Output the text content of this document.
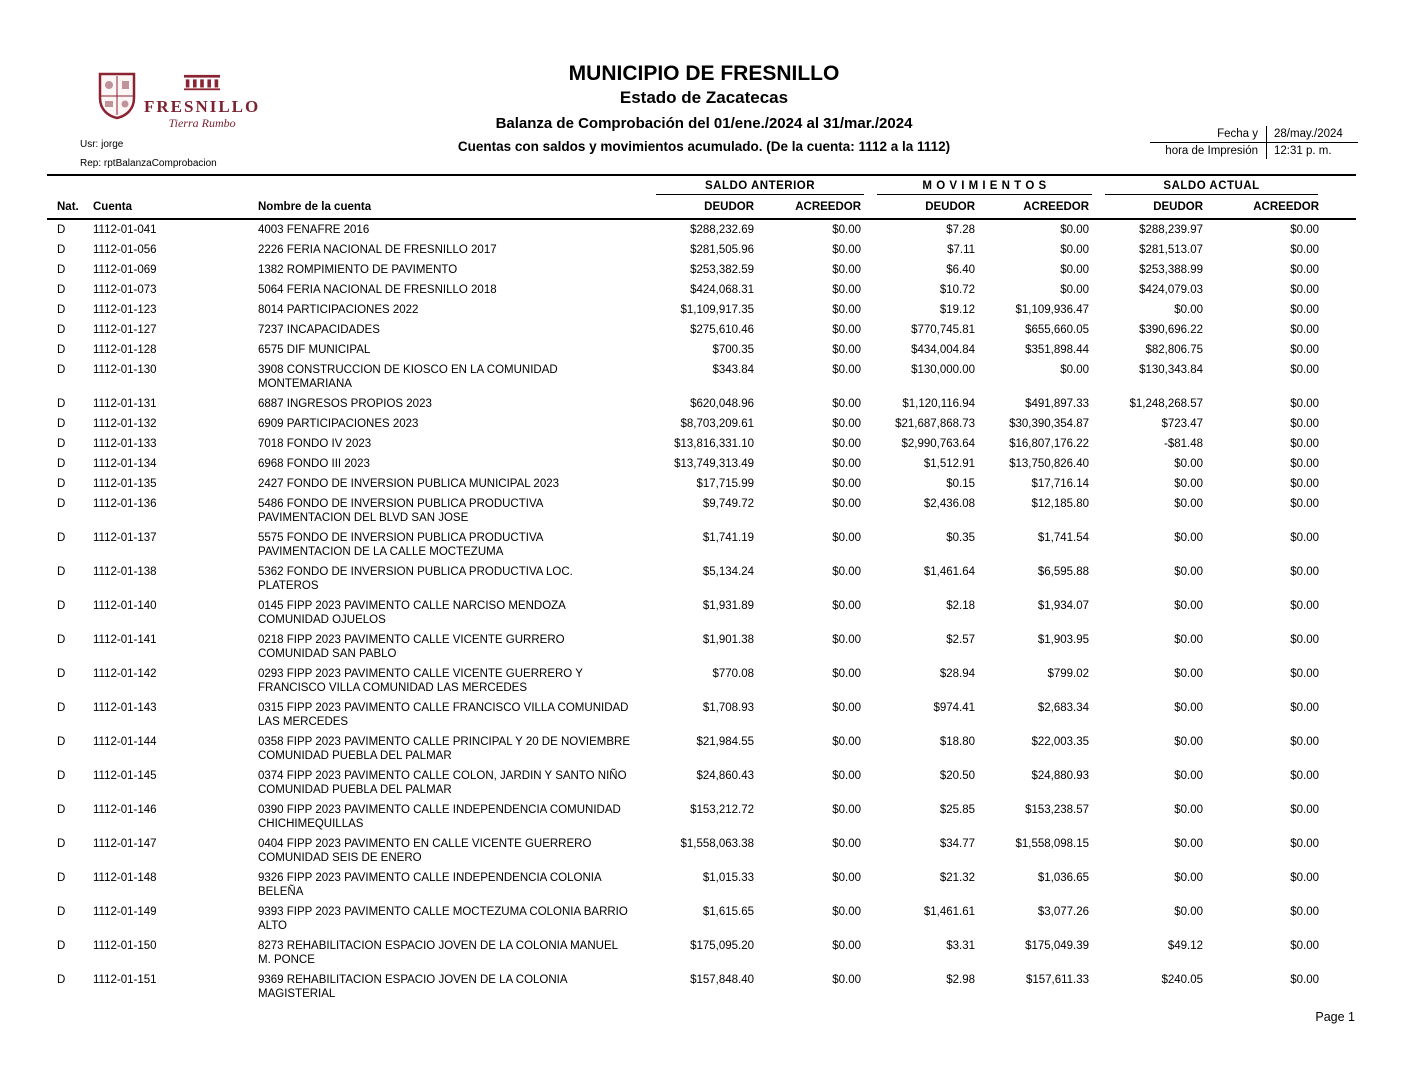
FRESNILLO
Tierra Rumbo
MUNICIPIO DE FRESNILLO
Estado de Zacatecas
Balanza de Comprobación del 01/ene./2024 al 31/mar./2024
Cuentas con saldos y movimientos acumulado. (De la cuenta: 1112 a la 1112)
Usr: jorge
Rep: rptBalanzaComprobacion
Fecha y	28/may./2024
hora de Impresión	12:31 p. m.

			SALDO ANTERIOR		M O V I M I E N T O S		SALDO ACTUAL	

Nat.	Cuenta	Nombre de la cuenta	DEUDOR	ACREEDOR	DEUDOR	ACREEDOR	DEUDOR	ACREEDOR
D	1112-01-041	4003 FENAFRE 2016	$288,232.69	$0.00	$7.28	$0.00	$288,239.97	$0.00
D	1112-01-056	2226 FERIA NACIONAL DE FRESNILLO 2017	$281,505.96	$0.00	$7.11	$0.00	$281,513.07	$0.00
D	1112-01-069	1382 ROMPIMIENTO DE PAVIMENTO	$253,382.59	$0.00	$6.40	$0.00	$253,388.99	$0.00
D	1112-01-073	5064 FERIA NACIONAL DE FRESNILLO 2018	$424,068.31	$0.00	$10.72	$0.00	$424,079.03	$0.00
D	1112-01-123	8014 PARTICIPACIONES 2022	$1,109,917.35	$0.00	$19.12	$1,109,936.47	$0.00	$0.00
D	1112-01-127	7237 INCAPACIDADES	$275,610.46	$0.00	$770,745.81	$655,660.05	$390,696.22	$0.00
D	1112-01-128	6575 DIF MUNICIPAL	$700.35	$0.00	$434,004.84	$351,898.44	$82,806.75	$0.00
D	1112-01-130	3908 CONSTRUCCION DE KIOSCO EN LA COMUNIDAD MONTEMARIANA	$343.84	$0.00	$130,000.00	$0.00	$130,343.84	$0.00
D	1112-01-131	6887 INGRESOS PROPIOS 2023	$620,048.96	$0.00	$1,120,116.94	$491,897.33	$1,248,268.57	$0.00
D	1112-01-132	6909 PARTICIPACIONES 2023	$8,703,209.61	$0.00	$21,687,868.73	$30,390,354.87	$723.47	$0.00
D	1112-01-133	7018 FONDO IV 2023	$13,816,331.10	$0.00	$2,990,763.64	$16,807,176.22	-$81.48	$0.00
D	1112-01-134	6968 FONDO III 2023	$13,749,313.49	$0.00	$1,512.91	$13,750,826.40	$0.00	$0.00
D	1112-01-135	2427 FONDO DE INVERSION PUBLICA MUNICIPAL 2023	$17,715.99	$0.00	$0.15	$17,716.14	$0.00	$0.00
D	1112-01-136	5486 FONDO DE INVERSION PUBLICA PRODUCTIVA PAVIMENTACION DEL BLVD SAN JOSE	$9,749.72	$0.00	$2,436.08	$12,185.80	$0.00	$0.00
D	1112-01-137	5575 FONDO DE INVERSION PUBLICA PRODUCTIVA PAVIMENTACION DE LA CALLE MOCTEZUMA	$1,741.19	$0.00	$0.35	$1,741.54	$0.00	$0.00
D	1112-01-138	5362 FONDO DE INVERSION PUBLICA PRODUCTIVA LOC. PLATEROS	$5,134.24	$0.00	$1,461.64	$6,595.88	$0.00	$0.00
D	1112-01-140	0145 FIPP 2023 PAVIMENTO CALLE NARCISO MENDOZA COMUNIDAD OJUELOS	$1,931.89	$0.00	$2.18	$1,934.07	$0.00	$0.00
D	1112-01-141	0218 FIPP 2023 PAVIMENTO CALLE VICENTE GURRERO COMUNIDAD SAN PABLO	$1,901.38	$0.00	$2.57	$1,903.95	$0.00	$0.00
D	1112-01-142	0293 FIPP 2023 PAVIMENTO CALLE VICENTE GUERRERO Y FRANCISCO VILLA COMUNIDAD LAS MERCEDES	$770.08	$0.00	$28.94	$799.02	$0.00	$0.00
D	1112-01-143	0315 FIPP 2023 PAVIMENTO CALLE FRANCISCO VILLA COMUNIDAD LAS MERCEDES	$1,708.93	$0.00	$974.41	$2,683.34	$0.00	$0.00
D	1112-01-144	0358 FIPP 2023 PAVIMENTO CALLE PRINCIPAL Y 20 DE NOVIEMBRE COMUNIDAD PUEBLA DEL PALMAR	$21,984.55	$0.00	$18.80	$22,003.35	$0.00	$0.00
D	1112-01-145	0374 FIPP 2023 PAVIMENTO CALLE COLON, JARDIN Y SANTO NIÑO COMUNIDAD PUEBLA DEL PALMAR	$24,860.43	$0.00	$20.50	$24,880.93	$0.00	$0.00
D	1112-01-146	0390 FIPP 2023 PAVIMENTO CALLE INDEPENDENCIA COMUNIDAD CHICHIMEQUILLAS	$153,212.72	$0.00	$25.85	$153,238.57	$0.00	$0.00
D	1112-01-147	0404 FIPP 2023 PAVIMENTO EN CALLE VICENTE GUERRERO COMUNIDAD SEIS DE ENERO	$1,558,063.38	$0.00	$34.77	$1,558,098.15	$0.00	$0.00
D	1112-01-148	9326 FIPP 2023 PAVIMENTO CALLE INDEPENDENCIA COLONIA BELEÑA	$1,015.33	$0.00	$21.32	$1,036.65	$0.00	$0.00
D	1112-01-149	9393 FIPP 2023 PAVIMENTO CALLE MOCTEZUMA COLONIA BARRIO ALTO	$1,615.65	$0.00	$1,461.61	$3,077.26	$0.00	$0.00
D	1112-01-150	8273 REHABILITACION ESPACIO JOVEN DE LA COLONIA MANUEL M. PONCE	$175,095.20	$0.00	$3.31	$175,049.39	$49.12	$0.00
D	1112-01-151	9369 REHABILITACION ESPACIO JOVEN DE LA COLONIA MAGISTERIAL	$157,848.40	$0.00	$2.98	$157,611.33	$240.05	$0.00
Page 1
